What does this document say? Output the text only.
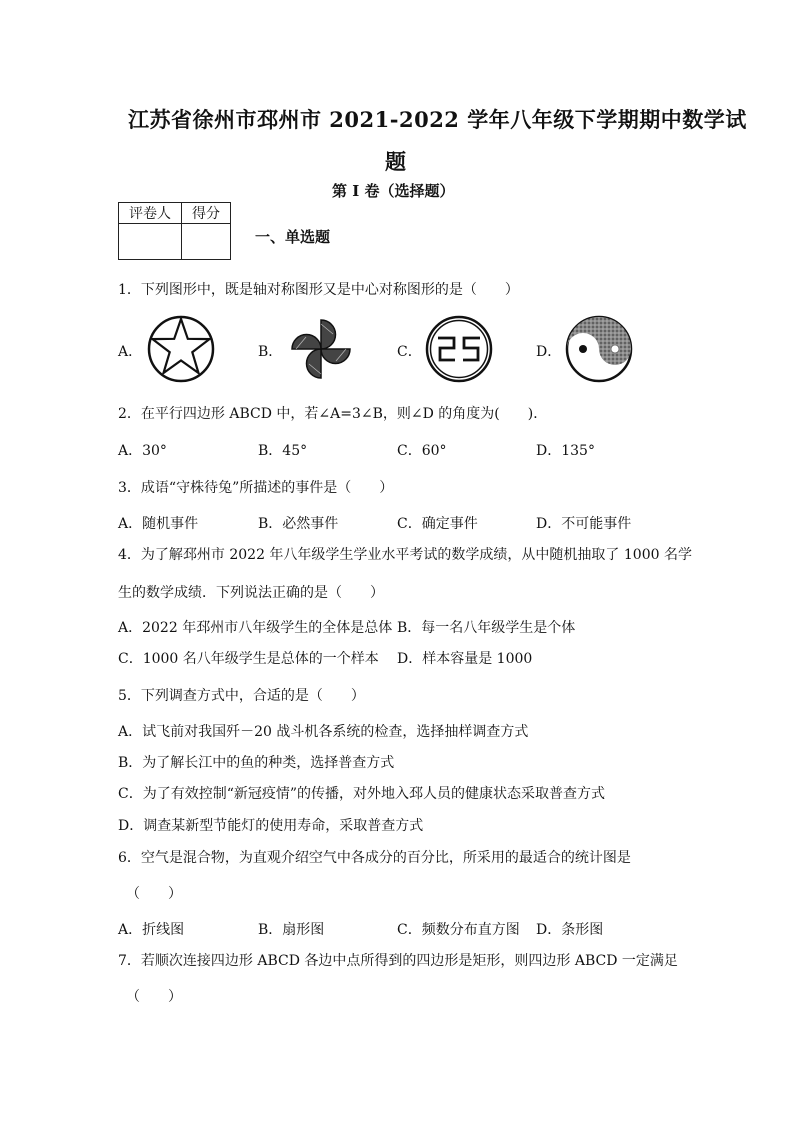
江苏省徐州市邳州市 2021-2022 学年八年级下学期期中数学试
题
第 I 卷（选择题）
评卷人	得分

一、单选题
1．下列图形中，既是轴对称图形又是中心对称图形的是（　　）
A．	B．	C．	D．
2．在平行四边形 ABCD 中，若∠A=3∠B，则∠D 的角度为(　　)．
A．30°	B．45°	C．60°	D．135°
3．成语“守株待兔”所描述的事件是（　　）
A．随机事件	B．必然事件	C．确定事件	D．不可能事件
4．为了解邳州市 2022 年八年级学生学业水平考试的数学成绩，从中随机抽取了 1000 名学
生的数学成绩．下列说法正确的是（　　）
A．2022 年邳州市八年级学生的全体是总体 B．每一名八年级学生是个体
C．1000 名八年级学生是总体的一个样本 D．样本容量是 1000
5．下列调查方式中，合适的是（　　）
A．试飞前对我国歼－20 战斗机各系统的检查，选择抽样调查方式
B．为了解长江中的鱼的种类，选择普查方式
C．为了有效控制“新冠疫情”的传播，对外地入邳人员的健康状态采取普查方式
D．调查某新型节能灯的使用寿命，采取普查方式
6．空气是混合物，为直观介绍空气中各成分的百分比，所采用的最适合的统计图是
（　　）
A．折线图	B．扇形图	C．频数分布直方图 D．条形图
7．若顺次连接四边形 ABCD 各边中点所得到的四边形是矩形，则四边形 ABCD 一定满足
（　　）
